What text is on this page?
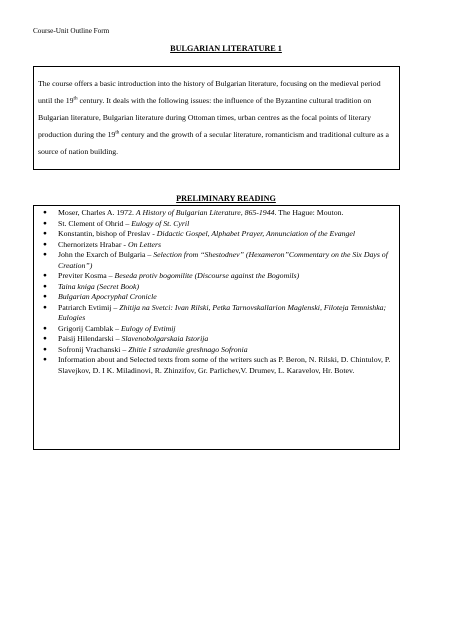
Course-Unit Outline Form
BULGARIAN LITERATURE 1
The course offers a basic introduction into the history of Bulgarian literature, focusing on the medieval period until the 19th century. It deals with the following issues: the influence of the Byzantine cultural tradition on Bulgarian literature, Bulgarian literature during Ottoman times, urban centres as the focal points of literary production during the 19th century and the growth of a secular literature, romanticism and traditional culture as a source of nation building.
PRELIMINARY READING
● Moser, Charles A. 1972. A History of Bulgarian Literature, 865-1944. The Hague: Mouton.
● St. Clement of Ohrid – Eulogy of St. Cyril
● Konstantin, bishop of Preslav - Didactic Gospel, Alphabet Prayer, Annunciation of the Evangel
● Chernorizets Hrabar - On Letters
● John the Exarch of Bulgaria – Selection from “Shestodnev” (Hexameron”Commentary on the Six Days of Creation”)
● Previter Kosma – Beseda protiv bogomilite (Discourse against the Bogomils)
● Taina kniga (Secret Book)
● Bulgarian Apocryphal Cronicle
● Patriarch Evtimij – Zhitija na Svetci: Ivan Rilski, Petka Tarnovskallarion Maglenski, Filoteja Temnishka; Eulogies
● Grigorij Camblak – Eulogy of Evtimij
● Paisij Hilendarski – Slavenobolgarskaia Istorija
● Sofronij Vrachanski – Zhitie I stradaniie greshnago Sofronia
● Information about and Selected texts from some of the writers such as P. Beron, N. Rilski, D. Chintulov, P. Slavejkov, D. I K. Miladinovi, R. Zhinzifov, Gr. Parlichev,V. Drumev, L. Karavelov, Hr. Botev.
